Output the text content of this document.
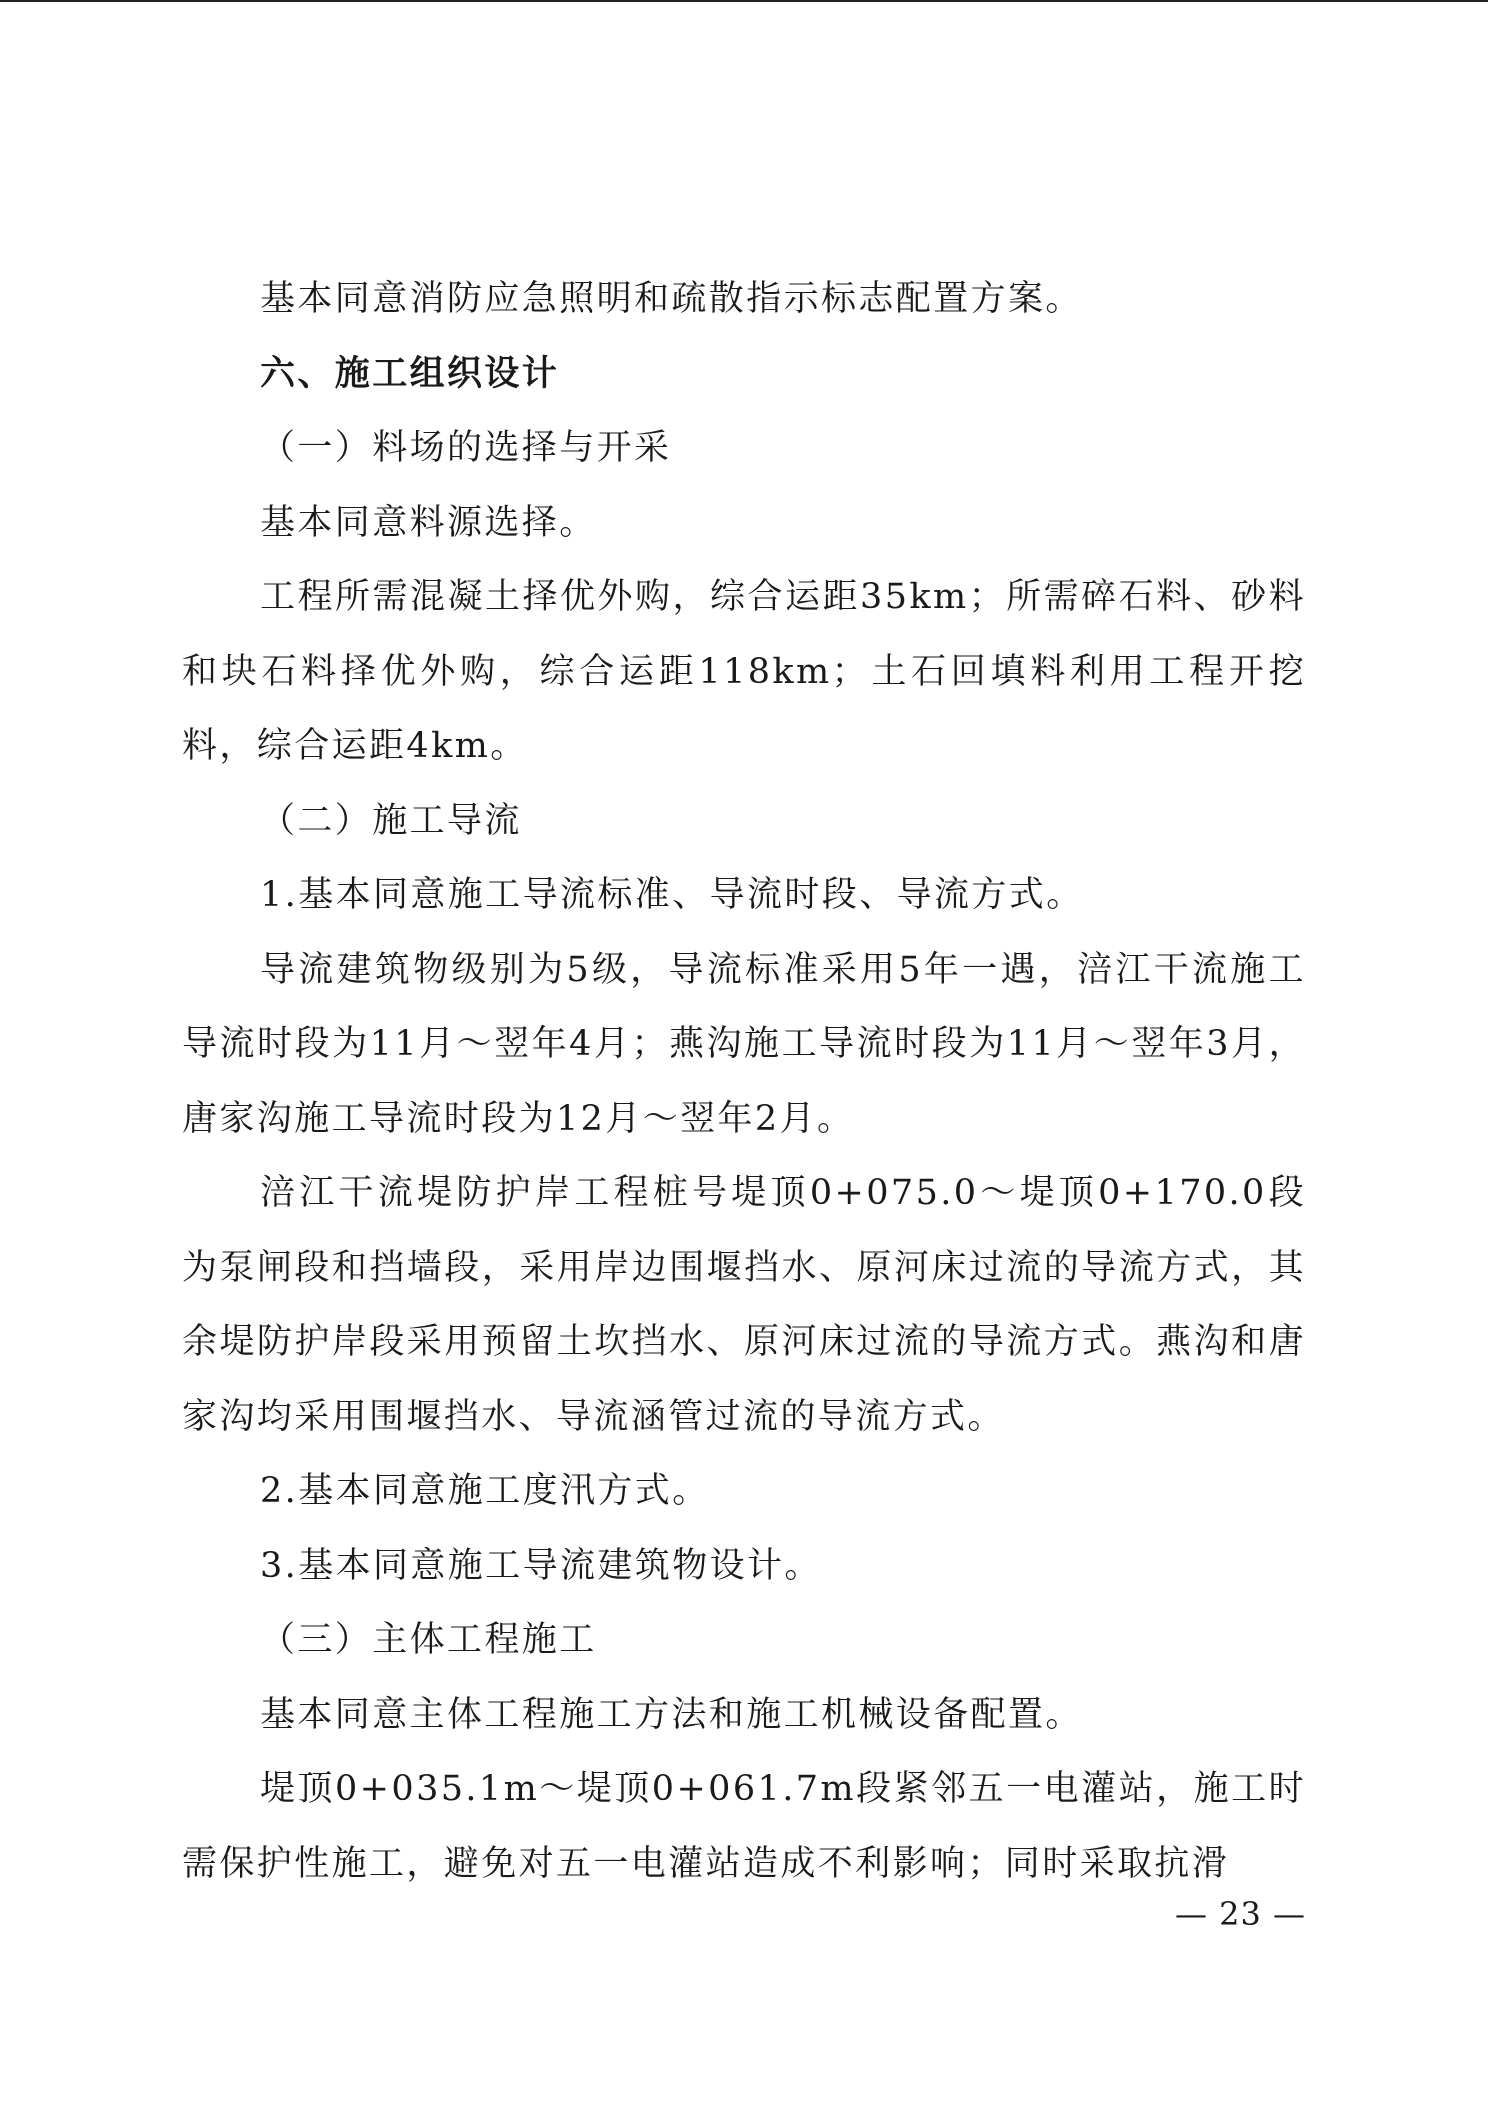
基本同意消防应急照明和疏散指示标志配置方案。

六、施工组织设计

（一）料场的选择与开采

基本同意料源选择。

工程所需混凝土择优外购，综合运距35km；所需碎石料、砂料和块石料择优外购，综合运距118km；土石回填料利用工程开挖料，综合运距4km。

（二）施工导流

1.基本同意施工导流标准、导流时段、导流方式。

导流建筑物级别为5级，导流标准采用5年一遇，涪江干流施工导流时段为11月～翌年4月；燕沟施工导流时段为11月～翌年3月，唐家沟施工导流时段为12月～翌年2月。

涪江干流堤防护岸工程桩号堤顶0+075.0～堤顶0+170.0段为泵闸段和挡墙段，采用岸边围堰挡水、原河床过流的导流方式，其余堤防护岸段采用预留土坎挡水、原河床过流的导流方式。燕沟和唐家沟均采用围堰挡水、导流涵管过流的导流方式。

2.基本同意施工度汛方式。

3.基本同意施工导流建筑物设计。

（三）主体工程施工

基本同意主体工程施工方法和施工机械设备配置。

堤顶0+035.1m～堤顶0+061.7m段紧邻五一电灌站，施工时需保护性施工，避免对五一电灌站造成不利影响；同时采取抗滑

— 23 —
